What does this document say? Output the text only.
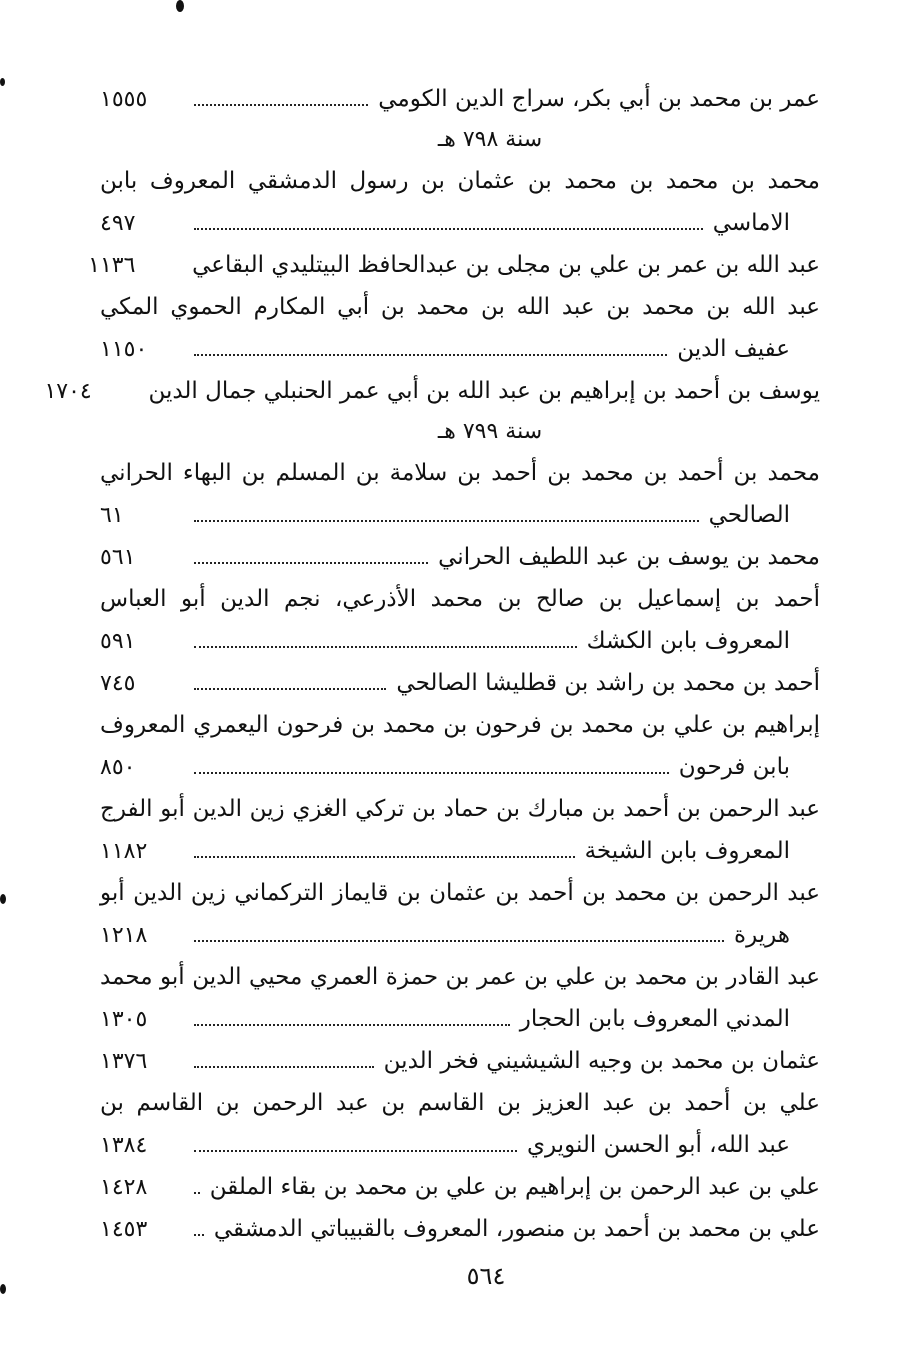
عمر بن محمد بن أبي بكر، سراج الدين الكومي
١٥٥٥
سنة ٧٩٨ هـ
محمد بن محمد بن محمد بن عثمان بن رسول الدمشقي المعروف بابن
الاماسي
٤٩٧
عبد الله بن عمر بن علي بن مجلى بن عبدالحافظ البيتليدي البقاعي
١١٣٦
عبد الله بن محمد بن عبد الله بن محمد بن أبي المكارم الحموي المكي
عفيف الدين
١١٥٠
يوسف بن أحمد بن إبراهيم بن عبد الله بن أبي عمر الحنبلي جمال الدين
١٧٠٤
سنة ٧٩٩ هـ
محمد بن أحمد بن محمد بن أحمد بن سلامة بن المسلم بن البهاء الحراني
الصالحي
٦١
محمد بن يوسف بن عبد اللطيف الحراني
٥٦١
أحمد بن إسماعيل بن صالح بن محمد الأذرعي، نجم الدين أبو العباس
المعروف بابن الكشك
٥٩١
أحمد بن محمد بن راشد بن قطليشا الصالحي
٧٤٥
إبراهيم بن علي بن محمد بن فرحون بن محمد بن فرحون اليعمري المعروف
بابن فرحون
٨٥٠
عبد الرحمن بن أحمد بن مبارك بن حماد بن تركي الغزي زين الدين أبو الفرج
المعروف بابن الشيخة
١١٨٢
عبد الرحمن بن محمد بن أحمد بن عثمان بن قايماز التركماني زين الدين أبو
هريرة
١٢١٨
عبد القادر بن محمد بن علي بن عمر بن حمزة العمري محيي الدين أبو محمد
المدني المعروف بابن الحجار
١٣٠٥
عثمان بن محمد بن وجيه الشيشيني فخر الدين
١٣٧٦
علي بن أحمد بن عبد العزيز بن القاسم بن عبد الرحمن بن القاسم بن
عبد الله، أبو الحسن النويري
١٣٨٤
علي بن عبد الرحمن بن إبراهيم بن علي بن محمد بن بقاء الملقن
١٤٢٨
علي بن محمد بن أحمد بن منصور، المعروف بالقبيباتي الدمشقي
١٤٥٣
٥٦٤
